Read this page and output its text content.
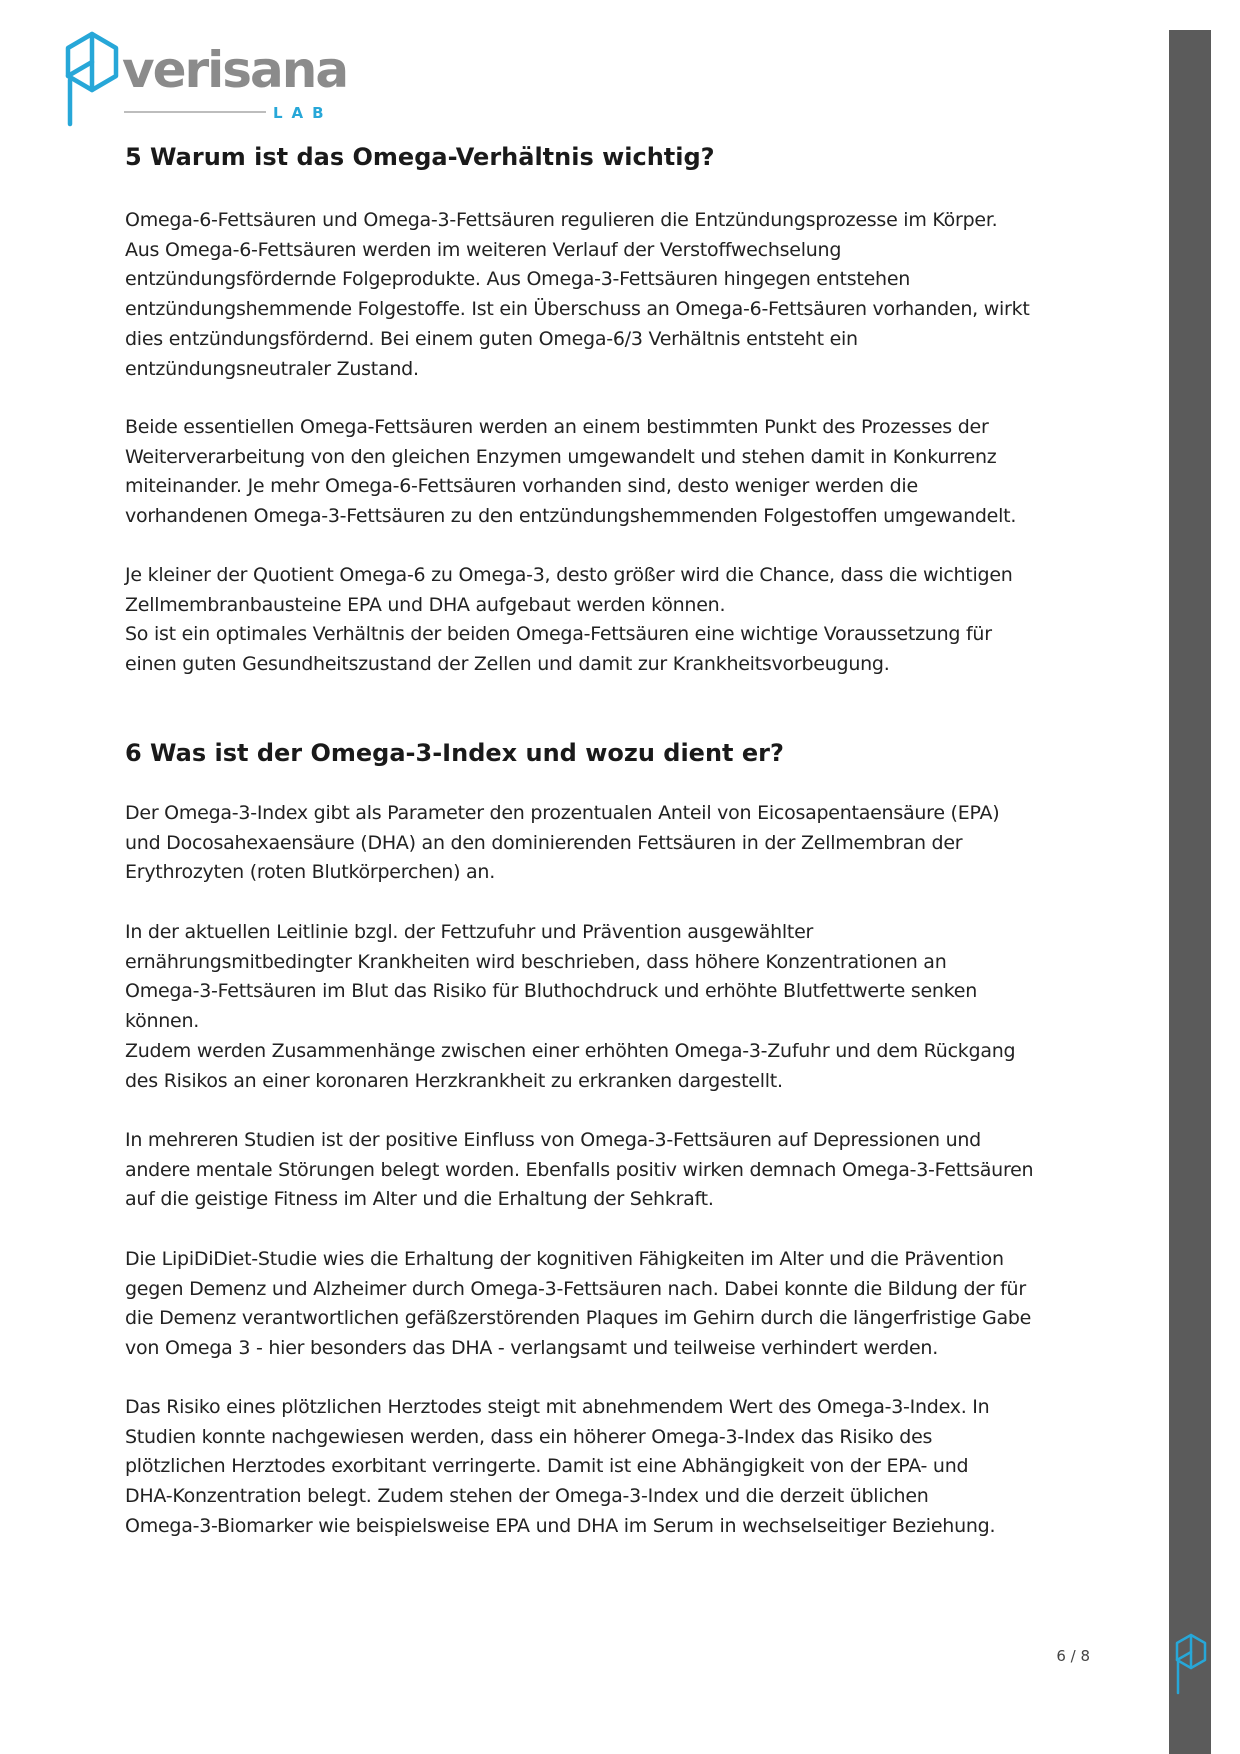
verisana
LAB
5 Warum ist das Omega-Verhältnis wichtig?
Omega-6-Fettsäuren und Omega-3-Fettsäuren regulieren die Entzündungsprozesse im Körper.
Aus Omega-6-Fettsäuren werden im weiteren Verlauf der Verstoffwechselung
entzündungsfördernde Folgeprodukte. Aus Omega-3-Fettsäuren hingegen entstehen
entzündungshemmende Folgestoffe. Ist ein Überschuss an Omega-6-Fettsäuren vorhanden, wirkt
dies entzündungsfördernd. Bei einem guten Omega-6/3 Verhältnis entsteht ein
entzündungsneutraler Zustand.
Beide essentiellen Omega-Fettsäuren werden an einem bestimmten Punkt des Prozesses der
Weiterverarbeitung von den gleichen Enzymen umgewandelt und stehen damit in Konkurrenz
miteinander. Je mehr Omega-6-Fettsäuren vorhanden sind, desto weniger werden die
vorhandenen Omega-3-Fettsäuren zu den entzündungshemmenden Folgestoffen umgewandelt.
Je kleiner der Quotient Omega-6 zu Omega-3, desto größer wird die Chance, dass die wichtigen
Zellmembranbausteine EPA und DHA aufgebaut werden können.
So ist ein optimales Verhältnis der beiden Omega-Fettsäuren eine wichtige Voraussetzung für
einen guten Gesundheitszustand der Zellen und damit zur Krankheitsvorbeugung.
6 Was ist der Omega-3-Index und wozu dient er?
Der Omega-3-Index gibt als Parameter den prozentualen Anteil von Eicosapentaensäure (EPA)
und Docosahexaensäure (DHA) an den dominierenden Fettsäuren in der Zellmembran der
Erythrozyten (roten Blutkörperchen) an.
In der aktuellen Leitlinie bzgl. der Fettzufuhr und Prävention ausgewählter
ernährungsmitbedingter Krankheiten wird beschrieben, dass höhere Konzentrationen an
Omega-3-Fettsäuren im Blut das Risiko für Bluthochdruck und erhöhte Blutfettwerte senken
können.
Zudem werden Zusammenhänge zwischen einer erhöhten Omega-3-Zufuhr und dem Rückgang
des Risikos an einer koronaren Herzkrankheit zu erkranken dargestellt.
In mehreren Studien ist der positive Einfluss von Omega-3-Fettsäuren auf Depressionen und
andere mentale Störungen belegt worden. Ebenfalls positiv wirken demnach Omega-3-Fettsäuren
auf die geistige Fitness im Alter und die Erhaltung der Sehkraft.
Die LipiDiDiet-Studie wies die Erhaltung der kognitiven Fähigkeiten im Alter und die Prävention
gegen Demenz und Alzheimer durch Omega-3-Fettsäuren nach. Dabei konnte die Bildung der für
die Demenz verantwortlichen gefäßzerstörenden Plaques im Gehirn durch die längerfristige Gabe
von Omega 3 - hier besonders das DHA - verlangsamt und teilweise verhindert werden.
Das Risiko eines plötzlichen Herztodes steigt mit abnehmendem Wert des Omega-3-Index. In
Studien konnte nachgewiesen werden, dass ein höherer Omega-3-Index das Risiko des
plötzlichen Herztodes exorbitant verringerte. Damit ist eine Abhängigkeit von der EPA- und
DHA-Konzentration belegt. Zudem stehen der Omega-3-Index und die derzeit üblichen
Omega-3-Biomarker wie beispielsweise EPA und DHA im Serum in wechselseitiger Beziehung.
6 / 8
